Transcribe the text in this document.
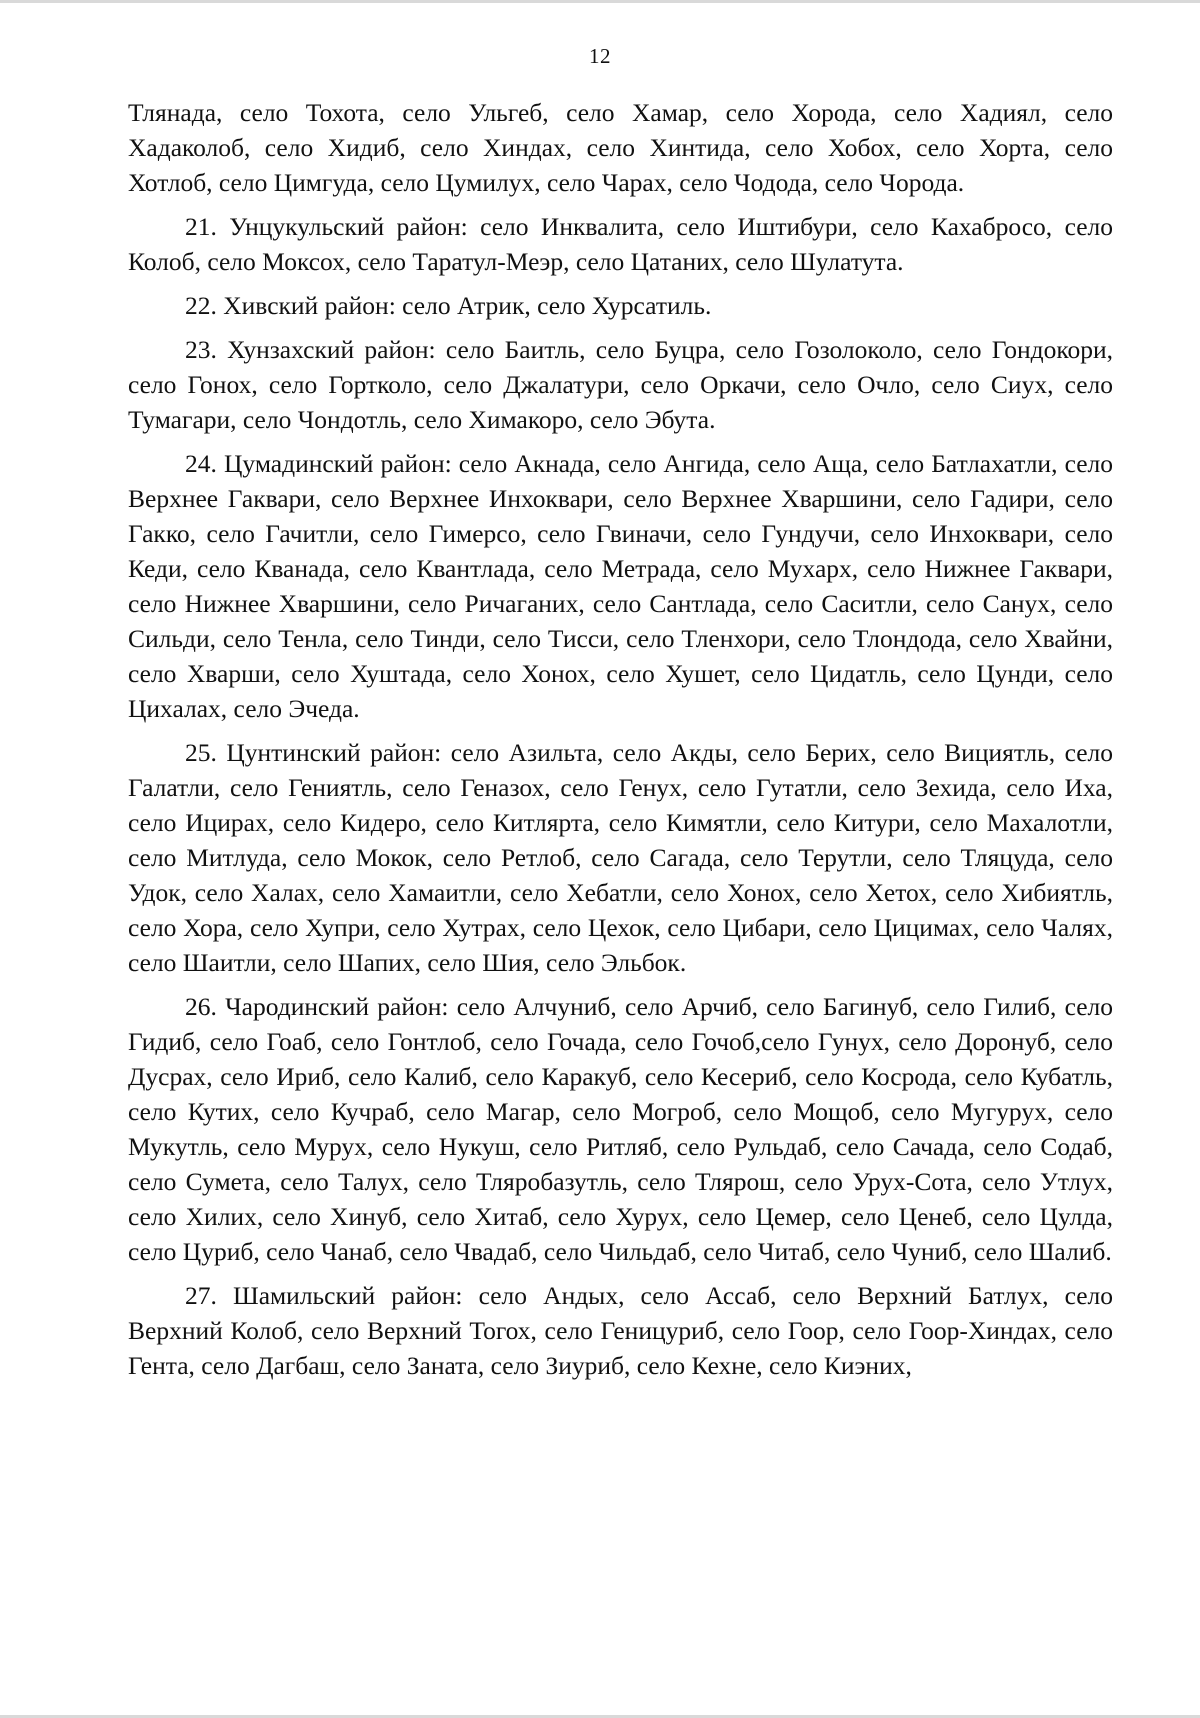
12

Тлянада, село Тохота, село Ульгеб, село Хамар, село Хорода, село Хадиял, село Хадаколоб, село Хидиб, село Хиндах, село Хинтида, село Хобох, село Хорта, село Хотлоб, село Цимгуда, село Цумилух, село Чарах, село Чодода, село Чорода.

21. Унцукульский район: село Инквалита, село Иштибури, село Кахабросо, село Колоб, село Моксох, село Таратул-Меэр, село Цатаних, село Шулатута.

22. Хивский район: село Атрик, село Хурсатиль.

23. Хунзахский район: село Баитль, село Буцра, село Гозолоколо, село Гондокори, село Гонох, село Гортколо, село Джалатури, село Оркачи, село Очло, село Сиух, село Тумагари, село Чондотль, село Химакоро, село Эбута.

24. Цумадинский район: село Акнада, село Ангида, село Аща, село Батлахатли, село Верхнее Гаквари, село Верхнее Инхоквари, село Верхнее Хваршини, село Гадири, село Гакко, село Гачитли, село Гимерсо, село Гвиначи, село Гундучи, село Инхоквари, село Кеди, село Кванада, село Квантлада, село Метрада, село Мухарх, село Нижнее Гаквари, село Нижнее Хваршини, село Ричаганих, село Сантлада, село Саситли, село Санух, село Сильди, село Тенла, село Тинди, село Тисси, село Тленхори, село Тлондода, село Хвайни, село Хварши, село Хуштада, село Хонох, село Хушет, село Цидатль, село Цунди, село Цихалах, село Эчеда.

25. Цунтинский район: село Азильта, село Акды, село Берих, село Вициятль, село Галатли, село Гениятль, село Геназох, село Генух, село Гутатли, село Зехида, село Иха, село Ицирах, село Кидеро, село Китлярта, село Кимятли, село Китури, село Махалотли, село Митлуда, село Мокок, село Ретлоб, село Сагада, село Терутли, село Тляцуда, село Удок, село Халах, село Хамаитли, село Хебатли, село Хонох, село Хетох, село Хибиятль, село Хора, село Хупри, село Хутрах, село Цехок, село Цибари, село Цицимах, село Чалях, село Шаитли, село Шапих, село Шия, село Эльбок.

26. Чародинский район: село Алчуниб, село Арчиб, село Багинуб, село Гилиб, село Гидиб, село Гоаб, село Гонтлоб, село Гочада, село Гочоб,село Гунух, село Доронуб, село Дусрах, село Ириб, село Калиб, село Каракуб, село Кесериб, село Косрода, село Кубатль, село Кутих, село Кучраб, село Магар, село Могроб, село Мощоб, село Мугурух, село Мукутль, село Мурух, село Нукуш, село Ритляб, село Рульдаб, село Сачада, село Содаб, село Сумета, село Талух, село Тляробазутль, село Тлярош, село Урух-Сота, село Утлух, село Хилих, село Хинуб, село Хитаб, село Хурух, село Цемер, село Ценеб, село Цулда, село Цуриб, село Чанаб, село Чвадаб, село Чильдаб, село Читаб, село Чуниб, село Шалиб.

27. Шамильский район: село Андых, село Ассаб, село Верхний Батлух, село Верхний Колоб, село Верхний Тогох, село Геницуриб, село Гоор, село Гоор-Хиндах, село Гента, село Дагбаш, село Заната, село Зиуриб, село Кехне, село Киэних,
